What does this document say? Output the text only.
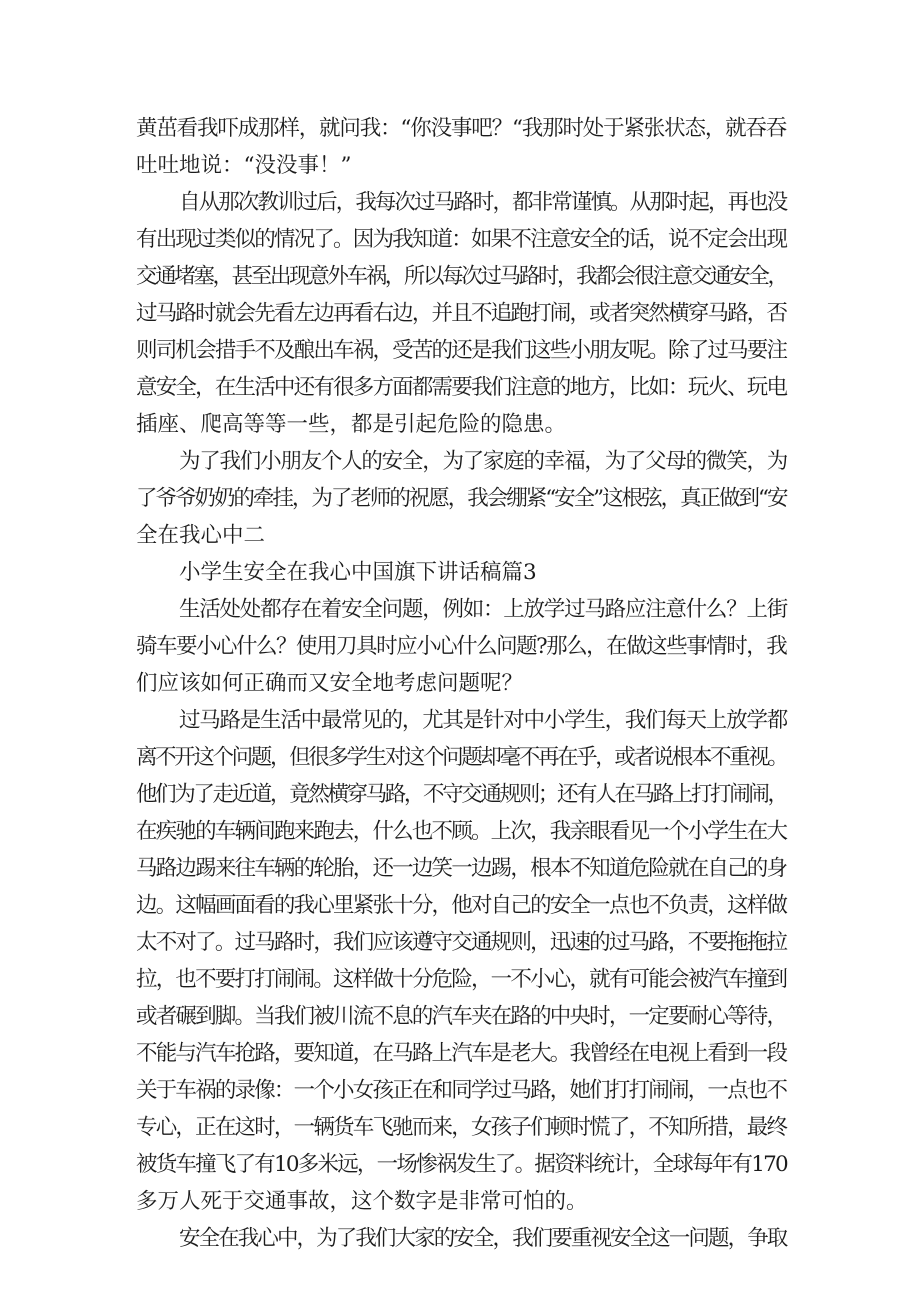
黄茁看我吓成那样，就问我：“你没事吧？“我那时处于紧张状态，就吞吞
吐吐地说：“没没事！”
自从那次教训过后，我每次过马路时，都非常谨慎。从那时起，再也没
有出现过类似的情况了。因为我知道：如果不注意安全的话，说不定会出现
交通堵塞，甚至出现意外车祸，所以每次过马路时，我都会很注意交通安全，
过马路时就会先看左边再看右边，并且不追跑打闹，或者突然横穿马路，否
则司机会措手不及酿出车祸，受苦的还是我们这些小朋友呢。除了过马要注
意安全，在生活中还有很多方面都需要我们注意的地方，比如：玩火、玩电
插座、爬高等等一些，都是引起危险的隐患。
为了我们小朋友个人的安全，为了家庭的幸福，为了父母的微笑，为
了爷爷奶奶的牵挂，为了老师的祝愿，我会绷紧“安全”这根弦，真正做到“安
全在我心中二
小学生安全在我心中国旗下讲话稿篇3
生活处处都存在着安全问题，例如：上放学过马路应注意什么？上街
骑车要小心什么？使用刀具时应小心什么问题?那么，在做这些事情时，我
们应该如何正确而又安全地考虑问题呢？
过马路是生活中最常见的，尤其是针对中小学生，我们每天上放学都
离不开这个问题，但很多学生对这个问题却毫不再在乎，或者说根本不重视。
他们为了走近道，竟然横穿马路，不守交通规则；还有人在马路上打打闹闹，
在疾驰的车辆间跑来跑去，什么也不顾。上次，我亲眼看见一个小学生在大
马路边踢来往车辆的轮胎，还一边笑一边踢，根本不知道危险就在自己的身
边。这幅画面看的我心里紧张十分，他对自己的安全一点也不负责，这样做
太不对了。过马路时，我们应该遵守交通规则，迅速的过马路，不要拖拖拉
拉，也不要打打闹闹。这样做十分危险，一不小心，就有可能会被汽车撞到
或者碾到脚。当我们被川流不息的汽车夹在路的中央时，一定要耐心等待，
不能与汽车抢路，要知道，在马路上汽车是老大。我曾经在电视上看到一段
关于车祸的录像：一个小女孩正在和同学过马路，她们打打闹闹，一点也不
专心，正在这时，一辆货车飞驰而来，女孩子们顿时慌了，不知所措，最终
被货车撞飞了有10多米远，一场惨祸发生了。据资料统计，全球每年有170
多万人死于交通事故，这个数字是非常可怕的。
安全在我心中，为了我们大家的安全，我们要重视安全这一问题，争取
